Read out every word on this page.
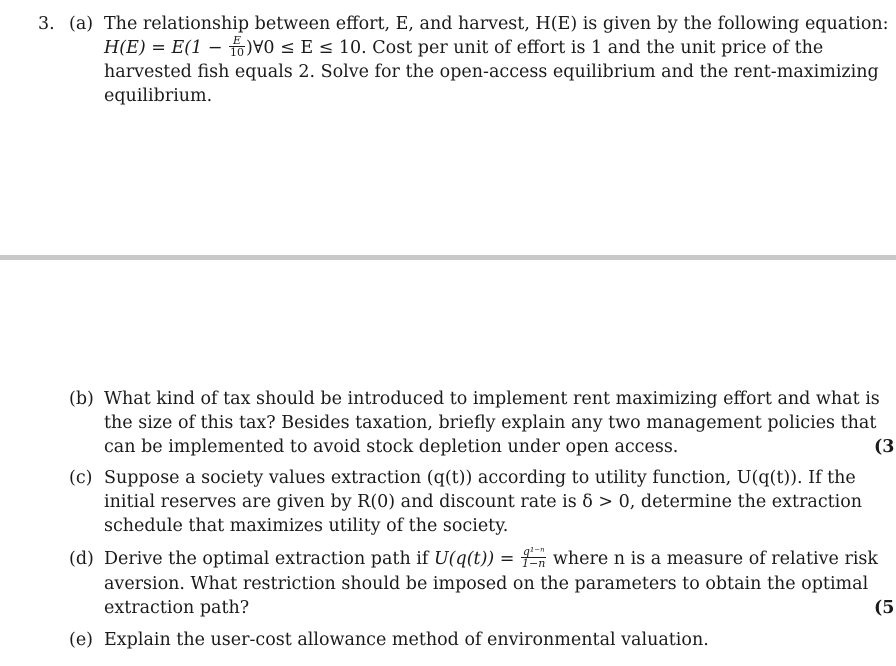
3. (a) The relationship between effort, E, and harvest, H(E) is given by the following equation:
$H(E) = E(1 - \frac{E}{10}$ )∀0 ≤ E ≤ 10. Cost per unit of effort is 1 and the unit price of the
harvested fish equals 2. Solve for the open-access equilibrium and the rent-maximizing
equilibrium.
(b) What kind of tax should be introduced to implement rent maximizing effort and what is
the size of this tax? Besides taxation, briefly explain any two management policies that
can be implemented to avoid stock depletion under open access.	(3
(c) Suppose a society values extraction (q(t)) according to utility function, U(q(t)). If the
initial reserves are given by R(0) and discount rate is δ > 0, determine the extraction
schedule that maximizes utility of the society.
(d) Derive the optimal extraction path if $U(q(t)) = \frac{\text{q¹⁻ⁿ}}{1-n}$ where n is a measure of relative risk
aversion. What restriction should be imposed on the parameters to obtain the optimal
extraction path?	(5
(e) Explain the user-cost allowance method of environmental valuation.
